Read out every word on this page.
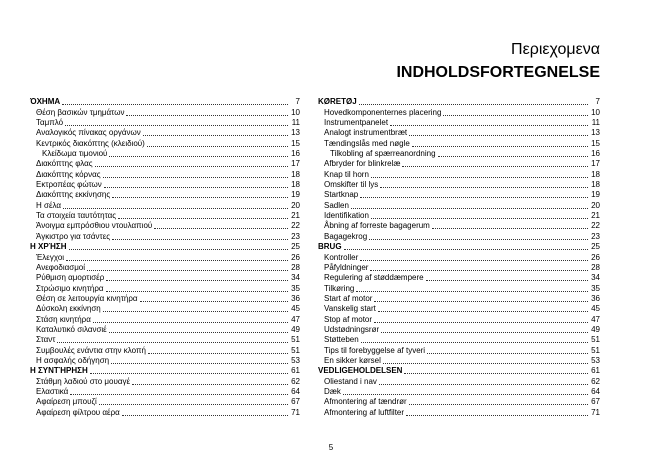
Περιεχομενα
INDHOLDSFORTEGNELSE
ΌΧΗΜΑ	7
Θέση βασικών τμημάτων	10
Ταμπλό	11
Αναλογικός πίνακας οργάνων	13
Κεντρικός διακόπτης (κλειδιού)	15
Κλείδωμα τιμονιού	16
Διακόπτης φλας	17
Διακόπτης κόρνας	18
Εκτροπέας φώτων	18
Διακόπτης εκκίνησης	19
Η σέλα	20
Τα στοιχεία ταυτότητας	21
Άνοιγμα εμπρόσθιου ντουλαπιού	22
Άγκιστρο για τσάντες	23
Η ΧΡΉΣΗ	25
Έλεγχοι	26
Ανεφοδιασμοί	28
Ρύθμιση αμορτισέρ	34
Στρώσιμο κινητήρα	35
Θέση σε λειτουργία κινητήρα	36
Δύσκολη εκκίνηση	45
Στάση κινητήρα	47
Καταλυτικό σιλανσιέ	49
Σταντ	51
Συμβουλές ενάντια στην κλοπή	51
Η ασφαλής οδήγηση	53
Η ΣΥΝΤΉΡΗΣΗ	61
Στάθμη λαδιού στο μουαγέ	62
Ελαστικά	64
Αφαίρεση μπουζί	67
Αφαίρεση φίλτρου αέρα	71
KØRETØJ	7
Hovedkomponenternes placering	10
Instrumentpanelet	11
Analogt instrumentbræt	13
Tændingslås med nøgle	15
Tilkobling af spærreanordning	16
Afbryder for blinkrelæ	17
Knap til horn	18
Omskifter til lys	18
Startknap	19
Sadlen	20
Identifikation	21
Åbning af forreste bagagerum	22
Bagagekrog	23
BRUG	25
Kontroller	26
Påfyldninger	28
Regulering af støddæmpere	34
Tilkøring	35
Start af motor	36
Vanskelig start	45
Stop af motor	47
Udstødningsrør	49
Støtteben	51
Tips til forebyggelse af tyveri	51
En sikker kørsel	53
VEDLIGEHOLDELSEN	61
Oliestand i nav	62
Dæk	64
Afmontering af tændrør	67
Afmontering af luftfilter	71
5
